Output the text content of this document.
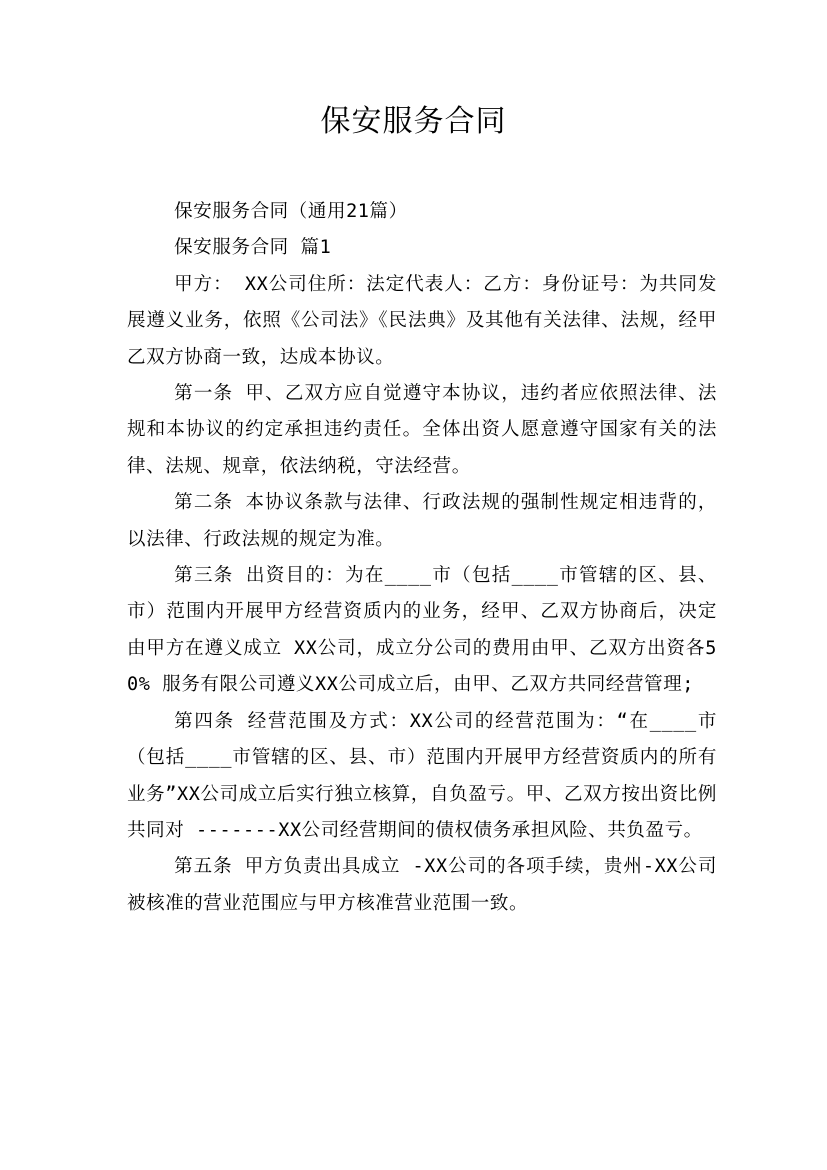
保安服务合同

保安服务合同（通用21篇）

保安服务合同 篇1

甲方： XX公司住所：法定代表人：乙方：身份证号：为共同发展遵义业务，依照《公司法》《民法典》及其他有关法律、法规，经甲乙双方协商一致，达成本协议。

第一条 甲、乙双方应自觉遵守本协议，违约者应依照法律、法规和本协议的约定承担违约责任。全体出资人愿意遵守国家有关的法律、法规、规章，依法纳税，守法经营。

第二条 本协议条款与法律、行政法规的强制性规定相违背的，以法律、行政法规的规定为准。

第三条 出资目的：为在____市（包括____市管辖的区、县、市）范围内开展甲方经营资质内的业务，经甲、乙双方协商后，决定由甲方在遵义成立 XX公司，成立分公司的费用由甲、乙双方出资各50% 服务有限公司遵义XX公司成立后，由甲、乙双方共同经营管理;

第四条 经营范围及方式：XX公司的经营范围为：“在____市（包括____市管辖的区、县、市）范围内开展甲方经营资质内的所有业务”XX公司成立后实行独立核算，自负盈亏。甲、乙双方按出资比例共同对 -------XX公司经营期间的债权债务承担风险、共负盈亏。

第五条 甲方负责出具成立 -XX公司的各项手续，贵州-XX公司被核准的营业范围应与甲方核准营业范围一致。
